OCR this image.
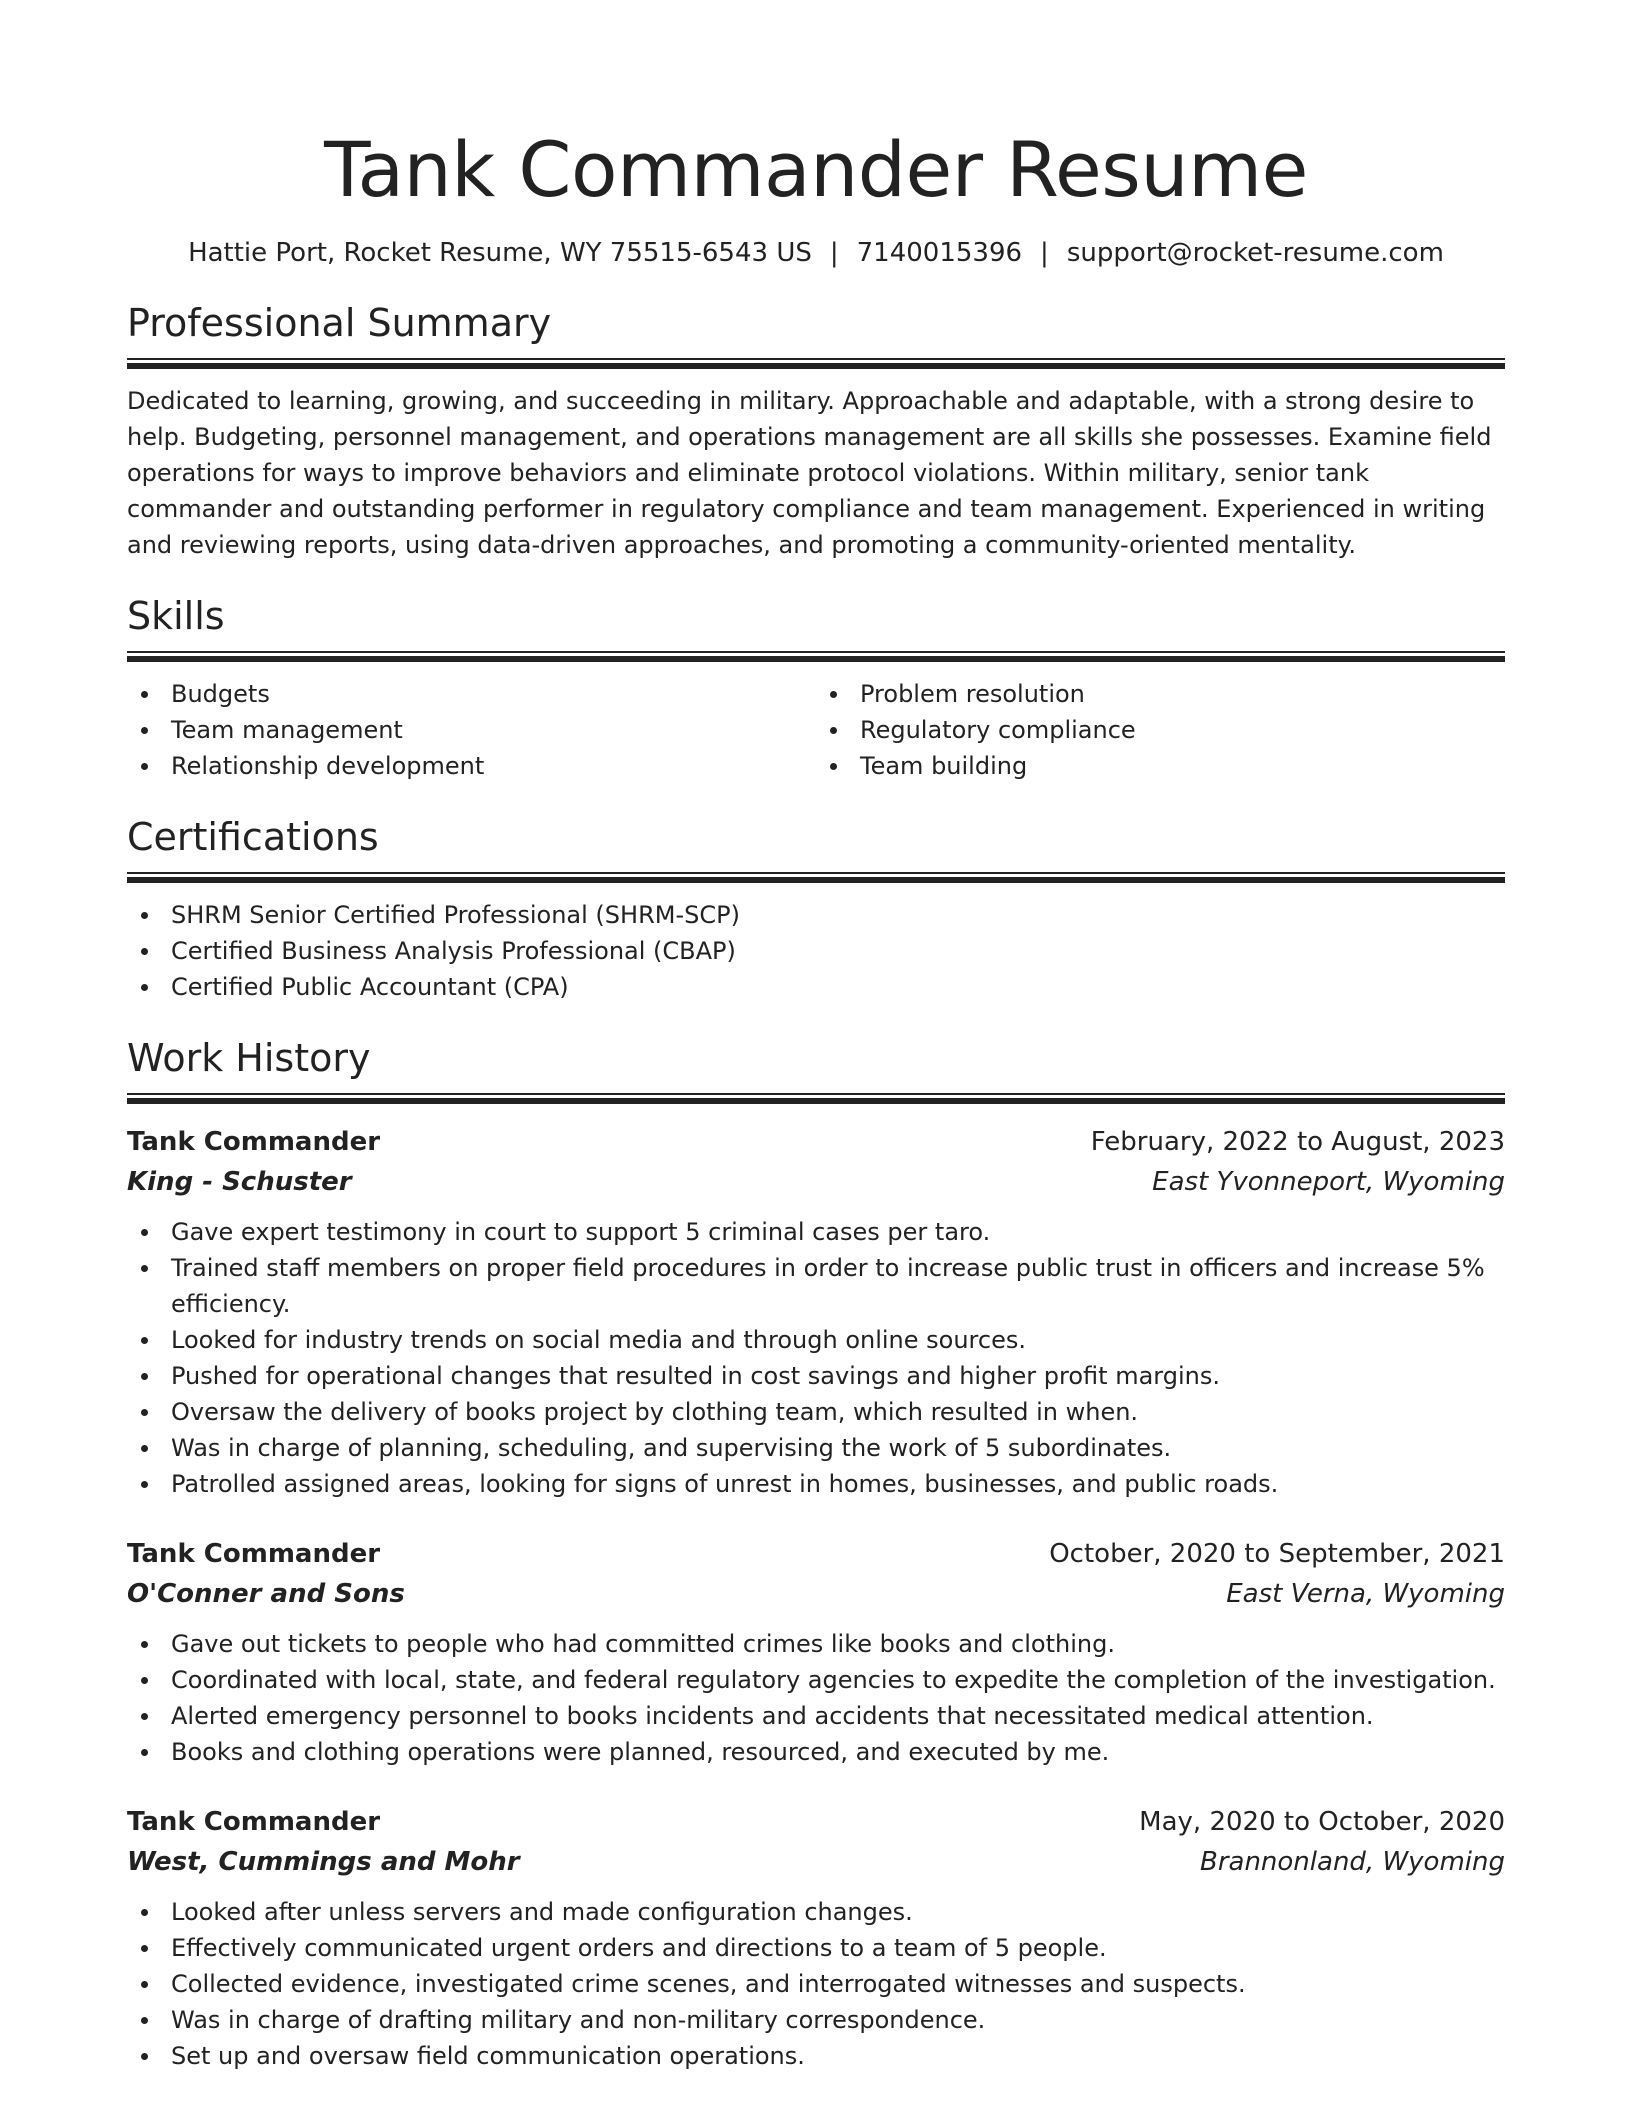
Tank Commander Resume
Hattie Port, Rocket Resume, WY 75515-6543 US | 7140015396 | support@rocket-resume.com
Professional Summary

Dedicated to learning, growing, and succeeding in military. Approachable and adaptable, with a strong desire to help. Budgeting, personnel management, and operations management are all skills she possesses. Examine field operations for ways to improve behaviors and eliminate protocol violations. Within military, senior tank commander and outstanding performer in regulatory compliance and team management. Experienced in writing and reviewing reports, using data-driven approaches, and promoting a community-oriented mentality.

Skills
Budgets
Team management
Relationship development
Problem resolution
Regulatory compliance
Team building
Certifications
SHRM Senior Certified Professional (SHRM-SCP)
Certified Business Analysis Professional (CBAP)
Certified Public Accountant (CPA)
Work History
Tank Commander	February, 2022 to August, 2023
King - Schuster	East Yvonneport, Wyoming
Gave expert testimony in court to support 5 criminal cases per taro.
Trained staff members on proper field procedures in order to increase public trust in officers and increase 5% efficiency.
Looked for industry trends on social media and through online sources.
Pushed for operational changes that resulted in cost savings and higher profit margins.
Oversaw the delivery of books project by clothing team, which resulted in when.
Was in charge of planning, scheduling, and supervising the work of 5 subordinates.
Patrolled assigned areas, looking for signs of unrest in homes, businesses, and public roads.
Tank Commander	October, 2020 to September, 2021
O'Conner and Sons	East Verna, Wyoming
Gave out tickets to people who had committed crimes like books and clothing.
Coordinated with local, state, and federal regulatory agencies to expedite the completion of the investigation.
Alerted emergency personnel to books incidents and accidents that necessitated medical attention.
Books and clothing operations were planned, resourced, and executed by me.
Tank Commander	May, 2020 to October, 2020
West, Cummings and Mohr	Brannonland, Wyoming
Looked after unless servers and made configuration changes.
Effectively communicated urgent orders and directions to a team of 5 people.
Collected evidence, investigated crime scenes, and interrogated witnesses and suspects.
Was in charge of drafting military and non-military correspondence.
Set up and oversaw field communication operations.
